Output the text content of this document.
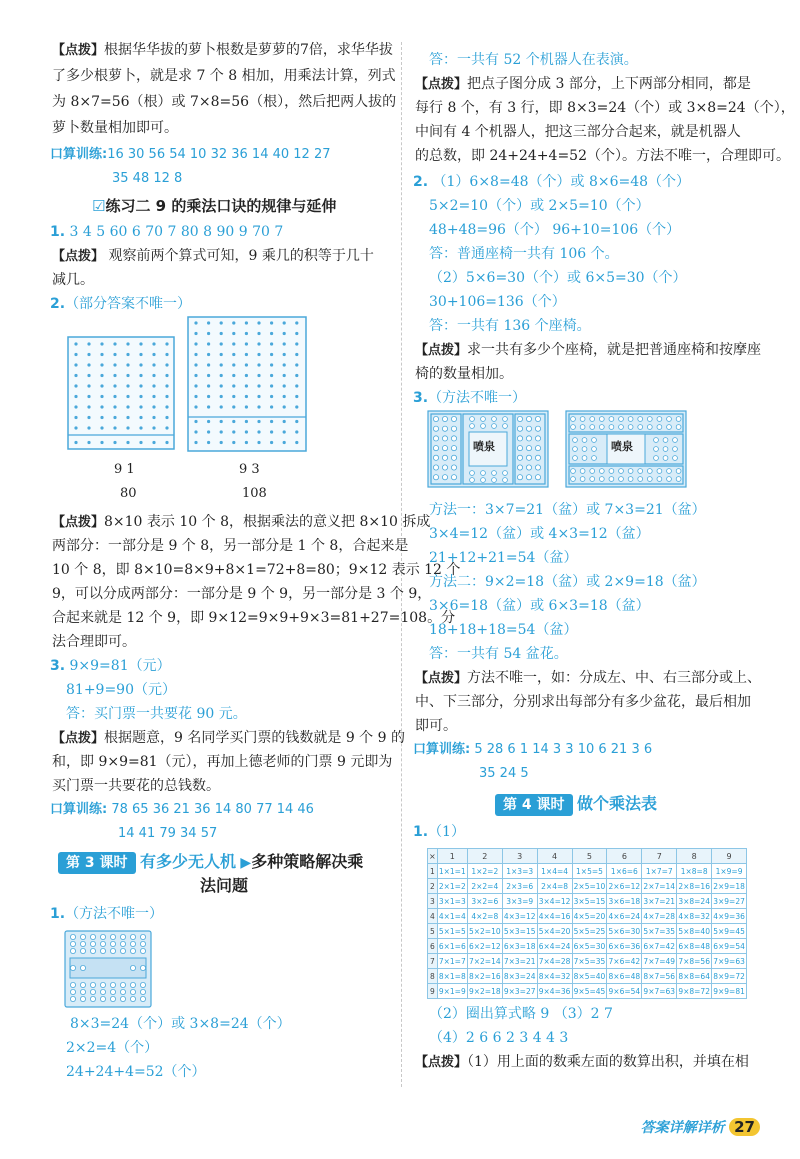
【点拨】根据华华拔的萝卜根数是萝萝的7倍，求华华拔
了多少根萝卜，就是求 7 个 8 相加，用乘法计算，列式
为 8×7=56（根）或 7×8=56（根），然后把两人拔的
萝卜数量相加即可。
口算训练:16 30 56 54 10 32 36 14 40 12 27
35 48 12 8
☑练习二 9 的乘法口诀的规律与延伸
1. 3 4 5 60 6 70 7 80 8 90 9 70 7
【点拨】 观察前两个算式可知，9 乘几的积等于几十
减几。
2.（部分答案不唯一）
9 1
80
9 3
108
【点拨】8×10 表示 10 个 8，根据乘法的意义把 8×10 拆成
两部分：一部分是 9 个 8，另一部分是 1 个 8，合起来是
10 个 8，即 8×10=8×9+8×1=72+8=80；9×12 表示 12 个
9，可以分成两部分：一部分是 9 个 9，另一部分是 3 个 9，
合起来就是 12 个 9，即 9×12=9×9+9×3=81+27=108。分
法合理即可。
3. 9×9=81（元）
81+9=90（元）
答：买门票一共要花 90 元。
【点拨】根据题意，9 名同学买门票的钱数就是 9 个 9 的
和，即 9×9=81（元），再加上德老师的门票 9 元即为
买门票一共要花的总钱数。
口算训练: 78 65 36 21 36 14 80 77 14 46
14 41 79 34 57
第 3 课时 有多少无人机 ▶多种策略解决乘
法问题
1.（方法不唯一）
8×3=24（个）或 3×8=24（个）
2×2=4（个）
24+24+4=52（个）
答：一共有 52 个机器人在表演。
【点拨】把点子图分成 3 部分，上下两部分相同，都是
每行 8 个，有 3 行，即 8×3=24（个）或 3×8=24（个），
中间有 4 个机器人，把这三部分合起来，就是机器人
的总数，即 24+24+4=52（个）。方法不唯一，合理即可。
2. （1）6×8=48（个）或 8×6=48（个）
5×2=10（个）或 2×5=10（个）
48+48=96（个） 96+10=106（个）
答：普通座椅一共有 106 个。
（2）5×6=30（个）或 6×5=30（个）
30+106=136（个）
答：一共有 136 个座椅。
【点拨】求一共有多少个座椅，就是把普通座椅和按摩座
椅的数量相加。
3.（方法不唯一）
喷泉	喷泉
方法一：3×7=21（盆）或 7×3=21（盆）
3×4=12（盆）或 4×3=12（盆）
21+12+21=54（盆）
方法二：9×2=18（盆）或 2×9=18（盆）
3×6=18（盆）或 6×3=18（盆）
18+18+18=54（盆）
答：一共有 54 盆花。
【点拨】方法不唯一，如：分成左、中、右三部分或上、
中、下三部分，分别求出每部分有多少盆花，最后相加
即可。
口算训练: 5 28 6 1 14 3 3 10 6 21 3 6
35 24 5
第 4 课时 做个乘法表
1.（1）
×	1	2	3	4	5	6	7	8	9
1	1×1=1	1×2=2	1×3=3	1×4=4	1×5=5	1×6=6	1×7=7	1×8=8	1×9=9
2	2×1=2	2×2=4	2×3=6	2×4=8	2×5=10	2×6=12	2×7=14	2×8=16	2×9=18
3	3×1=3	3×2=6	3×3=9	3×4=12	3×5=15	3×6=18	3×7=21	3×8=24	3×9=27
4	4×1=4	4×2=8	4×3=12	4×4=16	4×5=20	4×6=24	4×7=28	4×8=32	4×9=36
5	5×1=5	5×2=10	5×3=15	5×4=20	5×5=25	5×6=30	5×7=35	5×8=40	5×9=45
6	6×1=6	6×2=12	6×3=18	6×4=24	6×5=30	6×6=36	6×7=42	6×8=48	6×9=54
7	7×1=7	7×2=14	7×3=21	7×4=28	7×5=35	7×6=42	7×7=49	7×8=56	7×9=63
8	8×1=8	8×2=16	8×3=24	8×4=32	8×5=40	8×6=48	8×7=56	8×8=64	8×9=72
9	9×1=9	9×2=18	9×3=27	9×4=36	9×5=45	9×6=54	9×7=63	9×8=72	9×9=81
（2）圈出算式略 9 （3）2 7
（4）2 6 6 2 3 4 4 3
【点拨】（1）用上面的数乘左面的数算出积，并填在相
答案详解详析 27
